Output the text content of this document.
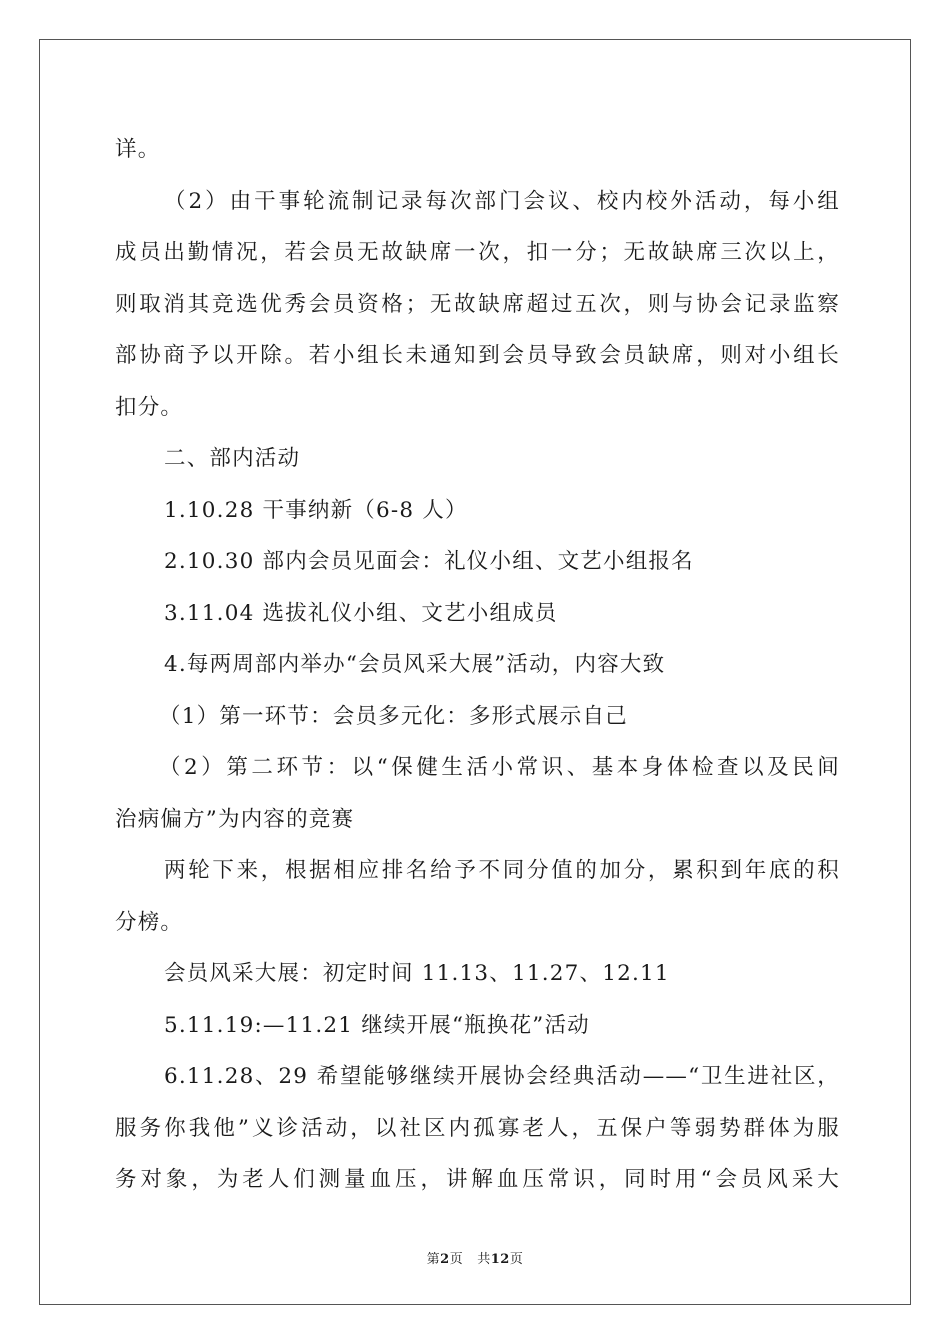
详。
（2）由干事轮流制记录每次部门会议、校内校外活动，每小组
成员出勤情况，若会员无故缺席一次，扣一分；无故缺席三次以上，
则取消其竞选优秀会员资格；无故缺席超过五次，则与协会记录监察
部协商予以开除。若小组长未通知到会员导致会员缺席，则对小组长
扣分。
二、部内活动
1.10.28 干事纳新（6-8 人）
2.10.30 部内会员见面会：礼仪小组、文艺小组报名
3.11.04 选拔礼仪小组、文艺小组成员
4.每两周部内举办“会员风采大展”活动，内容大致
（1）第一环节：会员多元化：多形式展示自己
（2）第二环节：以“保健生活小常识、基本身体检查以及民间
治病偏方”为内容的竞赛
两轮下来，根据相应排名给予不同分值的加分，累积到年底的积
分榜。
会员风采大展：初定时间 11.13、11.27、12.11
5.11.19:—11.21 继续开展“瓶换花”活动
6.11.28、29 希望能够继续开展协会经典活动——“卫生进社区，
服务你我他”义诊活动，以社区内孤寡老人，五保户等弱势群体为服
务对象，为老人们测量血压，讲解血压常识，同时用“会员风采大
第2页 共12页
